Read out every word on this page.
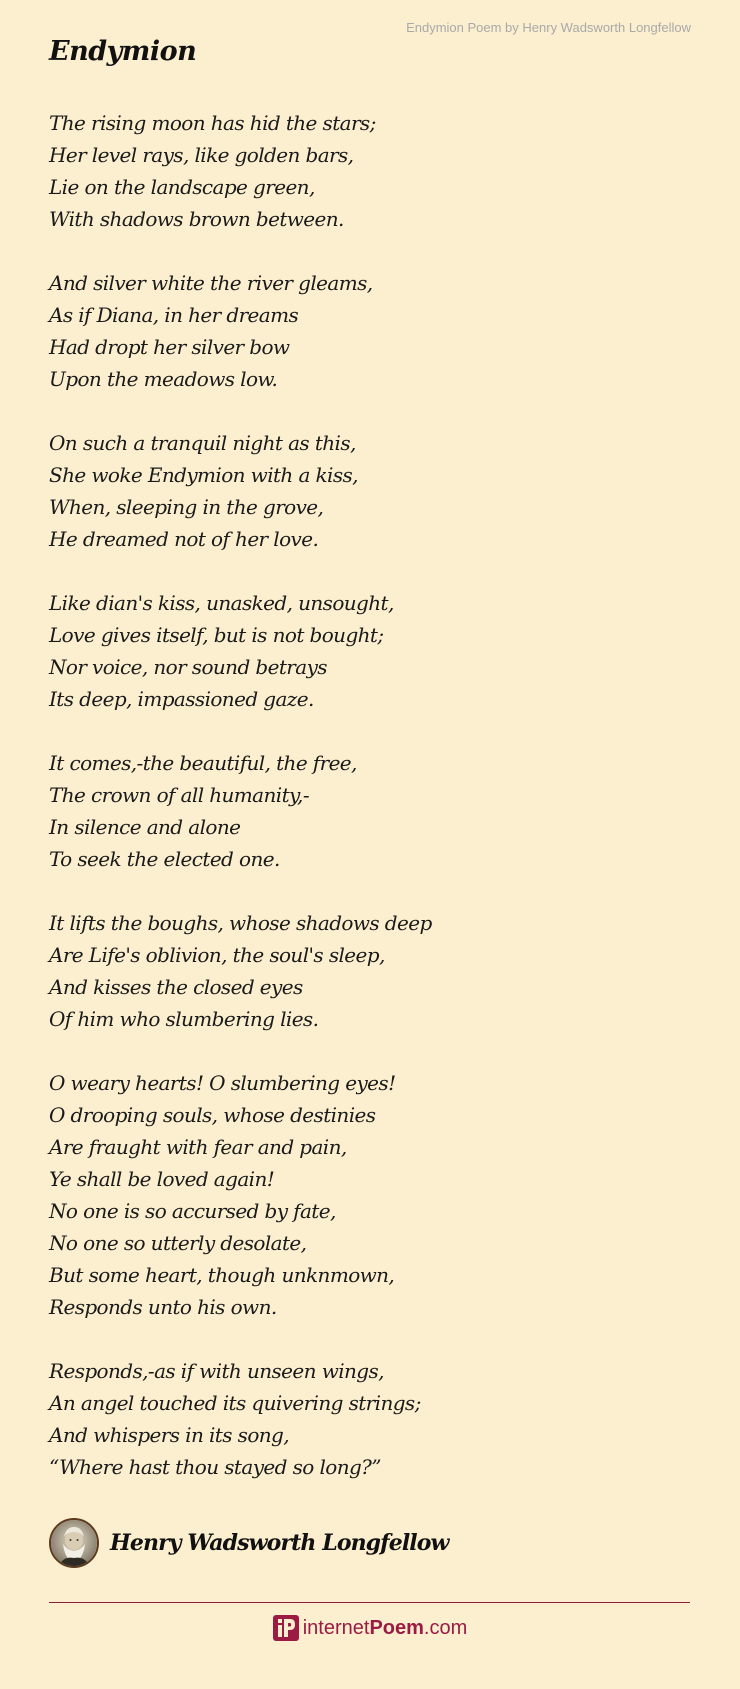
Endymion Poem by Henry Wadsworth Longfellow
Endymion
The rising moon has hid the stars;
Her level rays, like golden bars,
Lie on the landscape green,
With shadows brown between.
And silver white the river gleams,
As if Diana, in her dreams
Had dropt her silver bow
Upon the meadows low.
On such a tranquil night as this,
She woke Endymion with a kiss,
When, sleeping in the grove,
He dreamed not of her love.
Like dian's kiss, unasked, unsought,
Love gives itself, but is not bought;
Nor voice, nor sound betrays
Its deep, impassioned gaze.
It comes,-the beautiful, the free,
The crown of all humanity,-
In silence and alone
To seek the elected one.
It lifts the boughs, whose shadows deep
Are Life's oblivion, the soul's sleep,
And kisses the closed eyes
Of him who slumbering lies.
O weary hearts! O slumbering eyes!
O drooping souls, whose destinies
Are fraught with fear and pain,
Ye shall be loved again!
No one is so accursed by fate,
No one so utterly desolate,
But some heart, though unknmown,
Responds unto his own.
Responds,-as if with unseen wings,
An angel touched its quivering strings;
And whispers in its song,
“Where hast thou stayed so long?”
Henry Wadsworth Longfellow
internetPoem.com
